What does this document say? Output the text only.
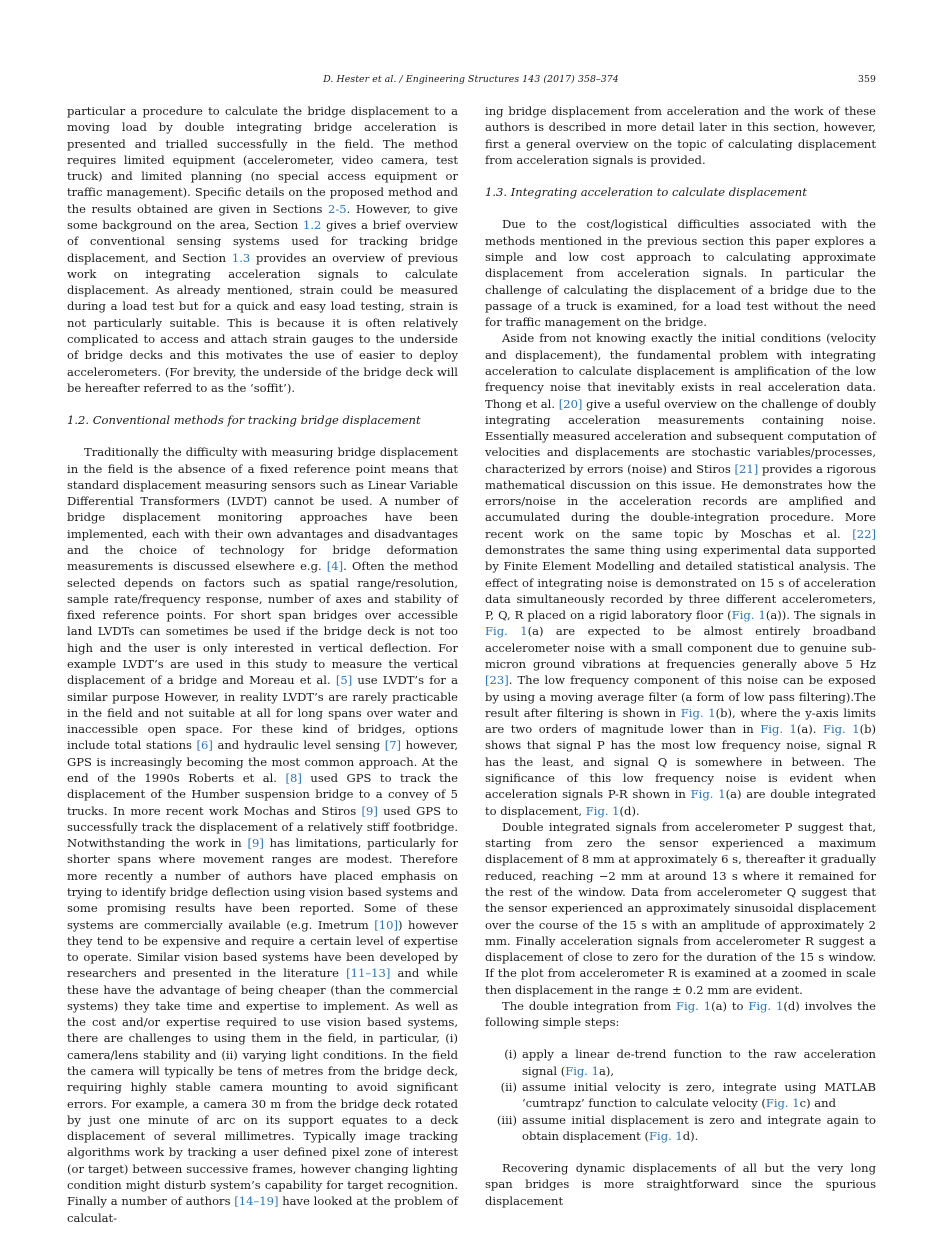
D. Hester et al. / Engineering Structures 143 (2017) 358–374	359

particular a procedure to calculate the bridge displacement to a moving load by double integrating bridge acceleration is presented and trialled successfully in the field. The method requires limited equipment (accelerometer, video camera, test truck) and limited planning (no special access equipment or traffic management). Specific details on the proposed method and the results obtained are given in Sections 2-5. However, to give some background on the area, Section 1.2 gives a brief overview of conventional sensing systems used for tracking bridge displacement, and Section 1.3 provides an overview of previous work on integrating acceleration signals to calculate displacement. As already mentioned, strain could be measured during a load test but for a quick and easy load testing, strain is not particularly suitable. This is because it is often relatively complicated to access and attach strain gauges to the underside of bridge decks and this motivates the use of easier to deploy accelerometers. (For brevity, the underside of the bridge deck will be hereafter referred to as the ‘soffit’).

1.2. Conventional methods for tracking bridge displacement

Traditionally the difficulty with measuring bridge displacement in the field is the absence of a fixed reference point means that standard displacement measuring sensors such as Linear Variable Differential Transformers (LVDT) cannot be used. A number of bridge displacement monitoring approaches have been implemented, each with their own advantages and disadvantages and the choice of technology for bridge deformation measurements is discussed elsewhere e.g. [4]. Often the method selected depends on factors such as spatial range/resolution, sample rate/frequency response, number of axes and stability of fixed reference points. For short span bridges over accessible land LVDTs can sometimes be used if the bridge deck is not too high and the user is only interested in vertical deflection. For example LVDT’s are used in this study to measure the vertical displacement of a bridge and Moreau et al. [5] use LVDT’s for a similar purpose However, in reality LVDT’s are rarely practicable in the field and not suitable at all for long spans over water and inaccessible open space. For these kind of bridges, options include total stations [6] and hydraulic level sensing [7] however, GPS is increasingly becoming the most common approach. At the end of the 1990s Roberts et al. [8] used GPS to track the displacement of the Humber suspension bridge to a convey of 5 trucks. In more recent work Mochas and Stiros [9] used GPS to successfully track the displacement of a relatively stiff footbridge. Notwithstanding the work in [9] has limitations, particularly for shorter spans where movement ranges are modest. Therefore more recently a number of authors have placed emphasis on trying to identify bridge deflection using vision based systems and some promising results have been reported. Some of these systems are commercially available (e.g. Imetrum [10]) however they tend to be expensive and require a certain level of expertise to operate. Similar vision based systems have been developed by researchers and presented in the literature [11–13] and while these have the advantage of being cheaper (than the commercial systems) they take time and expertise to implement. As well as the cost and/or expertise required to use vision based systems, there are challenges to using them in the field, in particular, (i) camera/lens stability and (ii) varying light conditions. In the field the camera will typically be tens of metres from the bridge deck, requiring highly stable camera mounting to avoid significant errors. For example, a camera 30 m from the bridge deck rotated by just one minute of arc on its support equates to a deck displacement of several millimetres. Typically image tracking algorithms work by tracking a user defined pixel zone of interest (or target) between successive frames, however changing lighting condition might disturb system’s capability for target recognition. Finally a number of authors [14–19] have looked at the problem of calculat-

ing bridge displacement from acceleration and the work of these authors is described in more detail later in this section, however, first a general overview on the topic of calculating displacement from acceleration signals is provided.

1.3. Integrating acceleration to calculate displacement

Due to the cost/logistical difficulties associated with the methods mentioned in the previous section this paper explores a simple and low cost approach to calculating approximate displacement from acceleration signals. In particular the challenge of calculating the displacement of a bridge due to the passage of a truck is examined, for a load test without the need for traffic management on the bridge.

Aside from not knowing exactly the initial conditions (velocity and displacement), the fundamental problem with integrating acceleration to calculate displacement is amplification of the low frequency noise that inevitably exists in real acceleration data. Thong et al. [20] give a useful overview on the challenge of doubly integrating acceleration measurements containing noise. Essentially measured acceleration and subsequent computation of velocities and displacements are stochastic variables/processes, characterized by errors (noise) and Stiros [21] provides a rigorous mathematical discussion on this issue. He demonstrates how the errors/noise in the acceleration records are amplified and accumulated during the double-integration procedure. More recent work on the same topic by Moschas et al. [22] demonstrates the same thing using experimental data supported by Finite Element Modelling and detailed statistical analysis. The effect of integrating noise is demonstrated on 15 s of acceleration data simultaneously recorded by three different accelerometers, P, Q, R placed on a rigid laboratory floor (Fig. 1(a)). The signals in Fig. 1(a) are expected to be almost entirely broadband accelerometer noise with a small component due to genuine sub-micron ground vibrations at frequencies generally above 5 Hz [23]. The low frequency component of this noise can be exposed by using a moving average filter (a form of low pass filtering).The result after filtering is shown in Fig. 1(b), where the y-axis limits are two orders of magnitude lower than in Fig. 1(a). Fig. 1(b) shows that signal P has the most low frequency noise, signal R has the least, and signal Q is somewhere in between. The significance of this low frequency noise is evident when acceleration signals P-R shown in Fig. 1(a) are double integrated to displacement, Fig. 1(d).

Double integrated signals from accelerometer P suggest that, starting from zero the sensor experienced a maximum displacement of 8 mm at approximately 6 s, thereafter it gradually reduced, reaching −2 mm at around 13 s where it remained for the rest of the window. Data from accelerometer Q suggest that the sensor experienced an approximately sinusoidal displacement over the course of the 15 s with an amplitude of approximately 2 mm. Finally acceleration signals from accelerometer R suggest a displacement of close to zero for the duration of the 15 s window. If the plot from accelerometer R is examined at a zoomed in scale then displacement in the range ± 0.2 mm are evident.

The double integration from Fig. 1(a) to Fig. 1(d) involves the following simple steps:

(i) apply a linear de-trend function to the raw acceleration signal (Fig. 1a),
(ii) assume initial velocity is zero, integrate using MATLAB ‘cumtrapz’ function to calculate velocity (Fig. 1c) and
(iii) assume initial displacement is zero and integrate again to obtain displacement (Fig. 1d).

Recovering dynamic displacements of all but the very long span bridges is more straightforward since the spurious displacement
